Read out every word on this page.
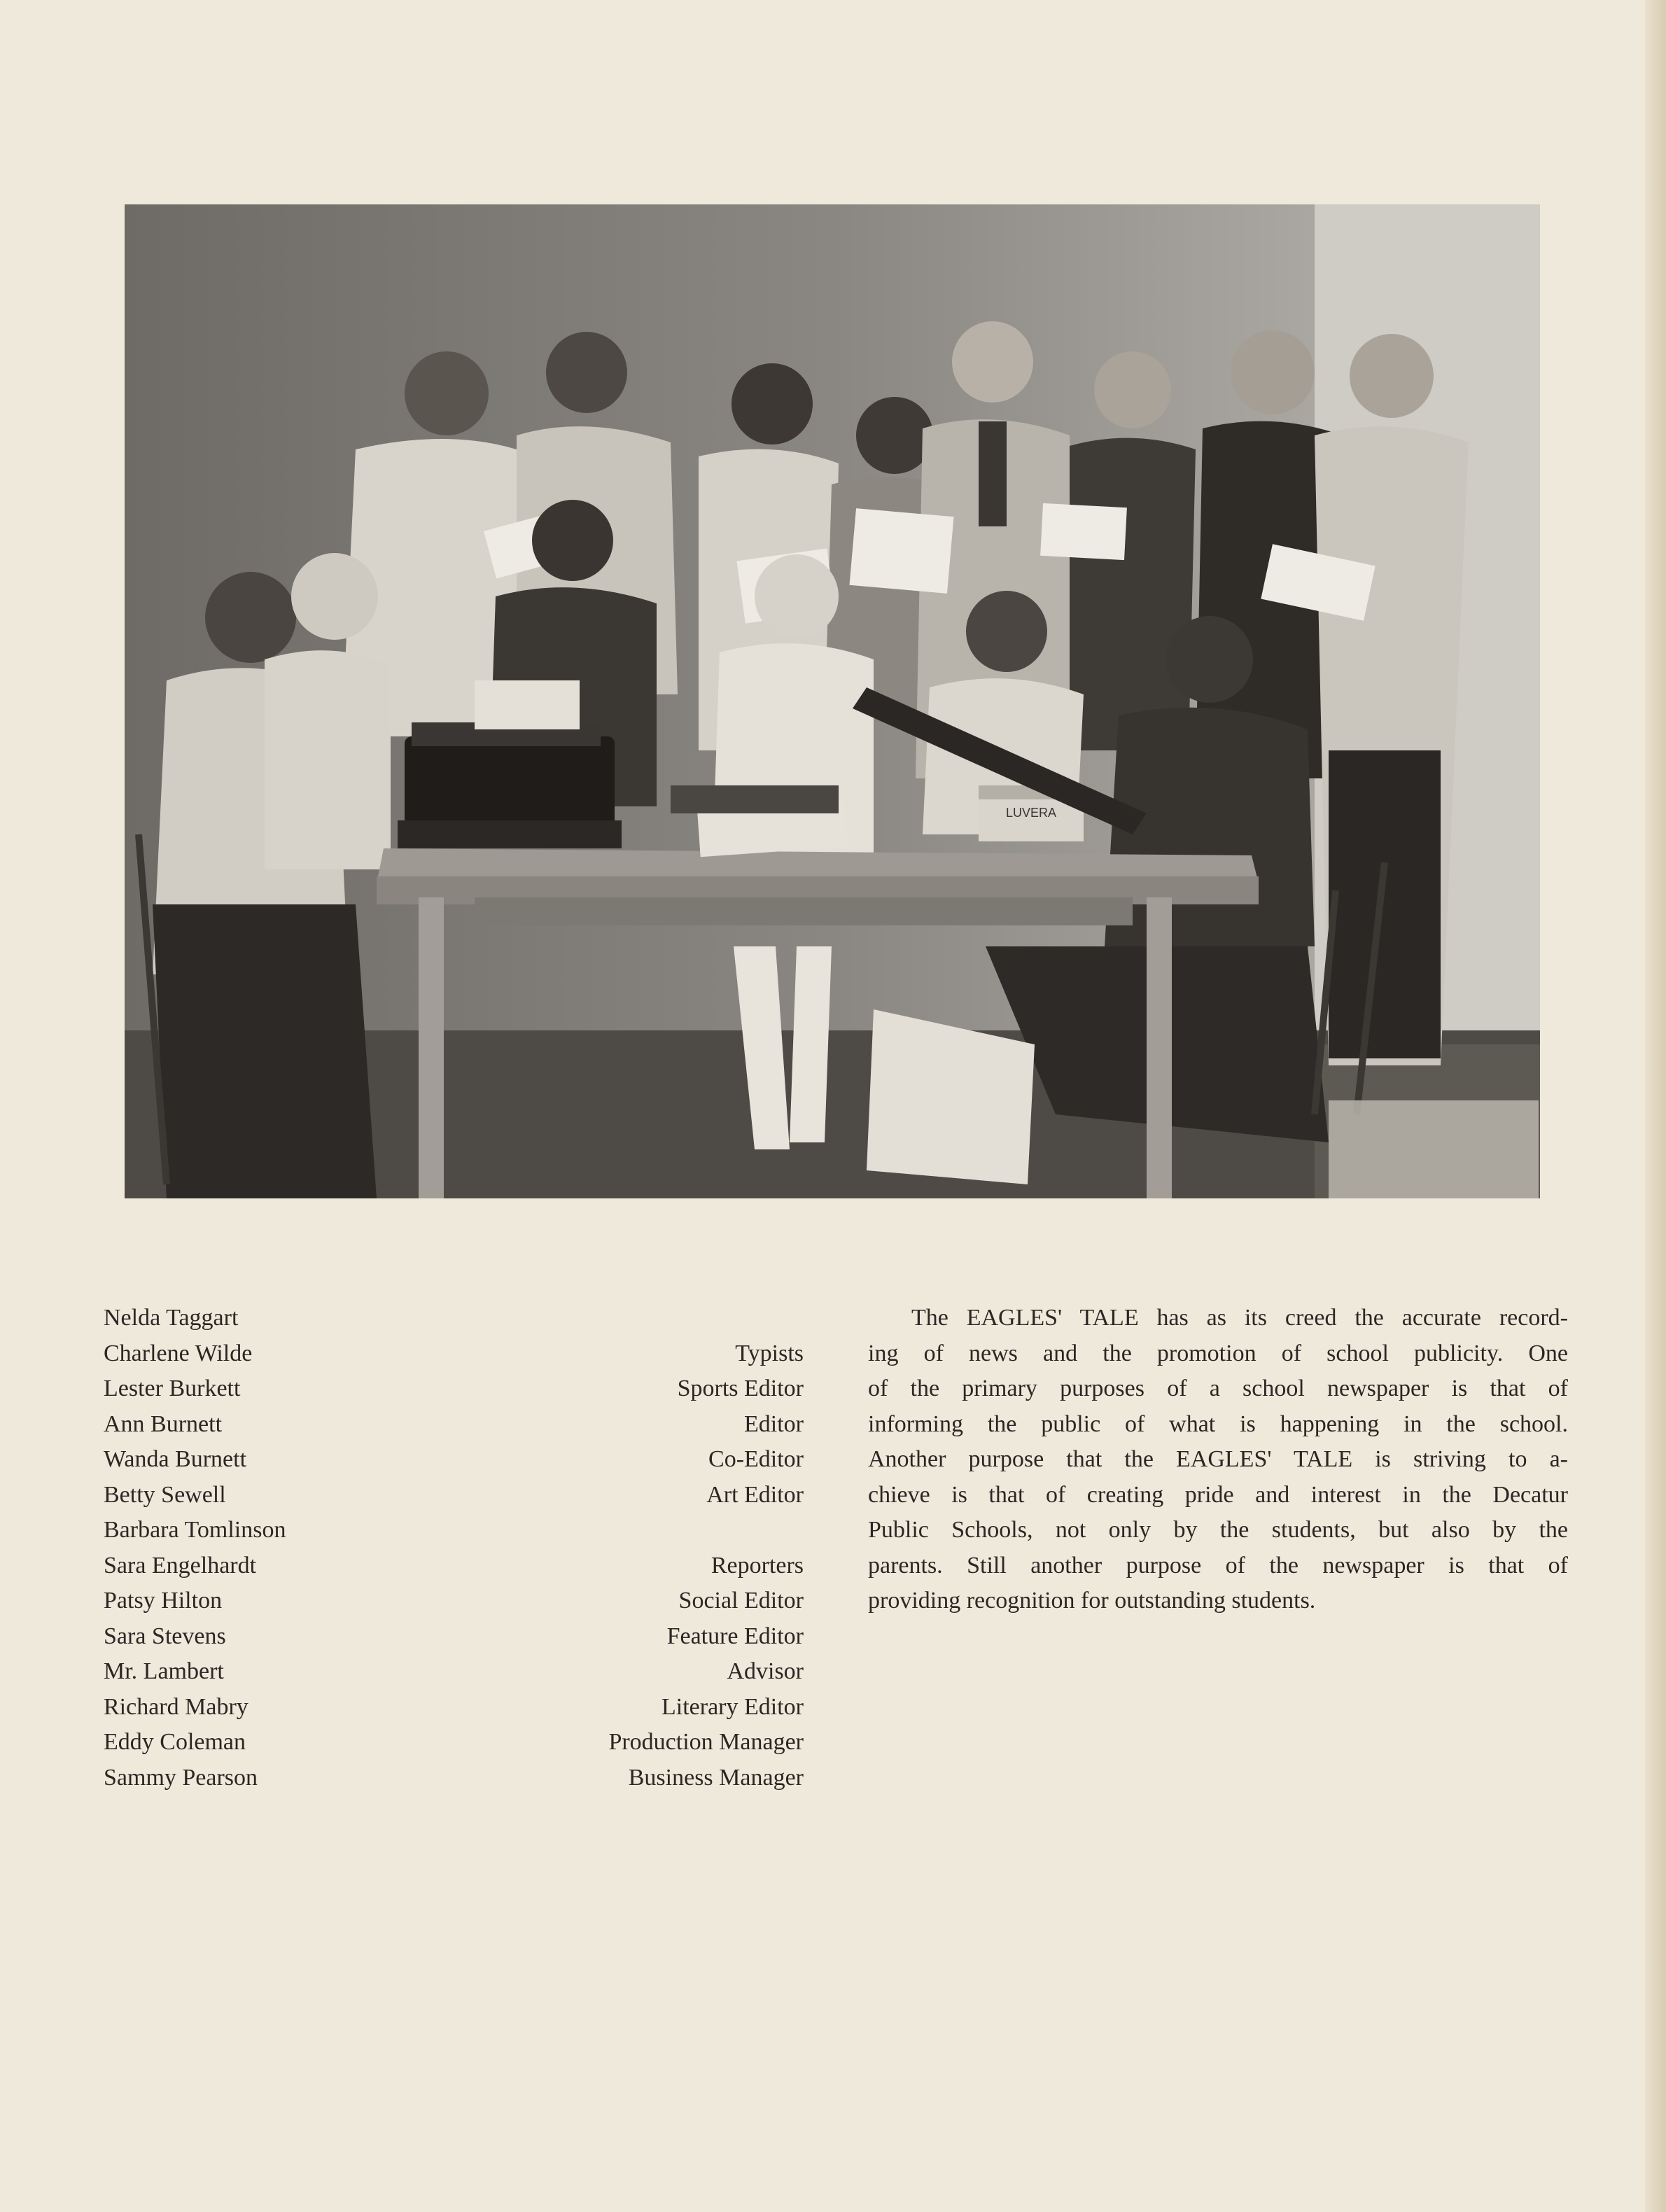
LUVERA
Nelda Taggart
Charlene Wilde	Typists
Lester Burkett	Sports Editor
Ann Burnett	Editor
Wanda Burnett	Co-Editor
Betty Sewell	Art Editor
Barbara Tomlinson
Sara Engelhardt	Reporters
Patsy Hilton	Social Editor
Sara Stevens	Feature Editor
Mr. Lambert	Advisor
Richard Mabry	Literary Editor
Eddy Coleman	Production Manager
Sammy Pearson	Business Manager
The EAGLES' TALE has as its creed the accurate record-
ing of news and the promotion of school publicity. One
of the primary purposes of a school newspaper is that of
informing the public of what is happening in the school.
Another purpose that the EAGLES' TALE is striving to a-
chieve is that of creating pride and interest in the Decatur
Public Schools, not only by the students, but also by the
parents. Still another purpose of the newspaper is that of
providing recognition for outstanding students.
